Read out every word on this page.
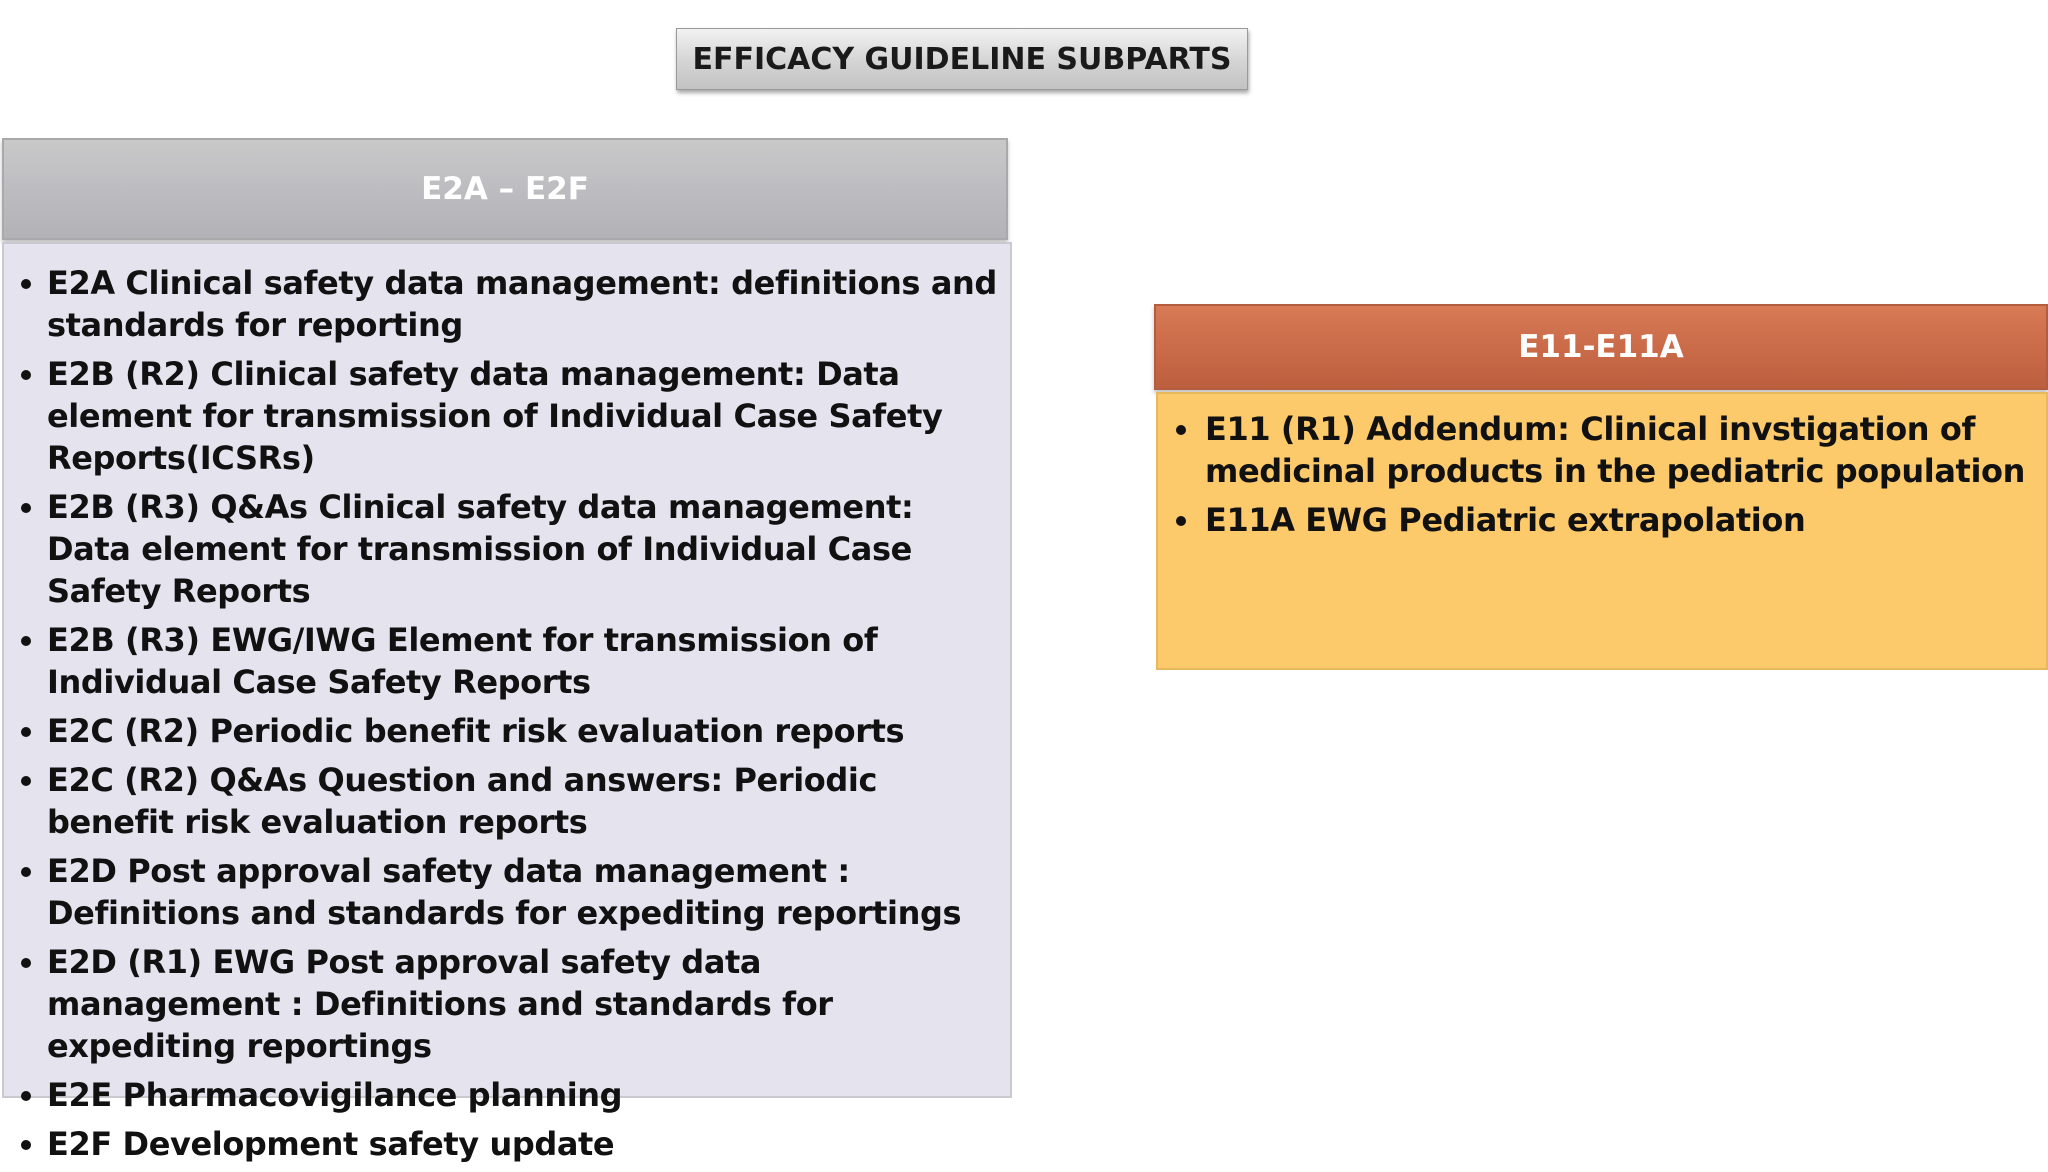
EFFICACY GUIDELINE SUBPARTS
E2A – E2F
E2A Clinical safety data management: definitions and standards for reporting
E2B (R2) Clinical safety data management: Data element for transmission of Individual Case Safety Reports(ICSRs)
E2B (R3) Q&As Clinical safety data management: Data element for transmission of Individual Case Safety Reports
E2B (R3) EWG/IWG Element for transmission of Individual Case Safety Reports
E2C (R2) Periodic benefit risk evaluation reports
E2C (R2) Q&As Question and answers: Periodic benefit risk evaluation reports
E2D Post approval safety data management : Definitions and standards for expediting reportings
E2D (R1) EWG Post approval safety data management : Definitions and standards for expediting reportings
E2E Pharmacovigilance planning
E2F Development safety update
E11-E11A
E11 (R1) Addendum: Clinical invstigation of medicinal products in the pediatric population
E11A EWG Pediatric extrapolation
